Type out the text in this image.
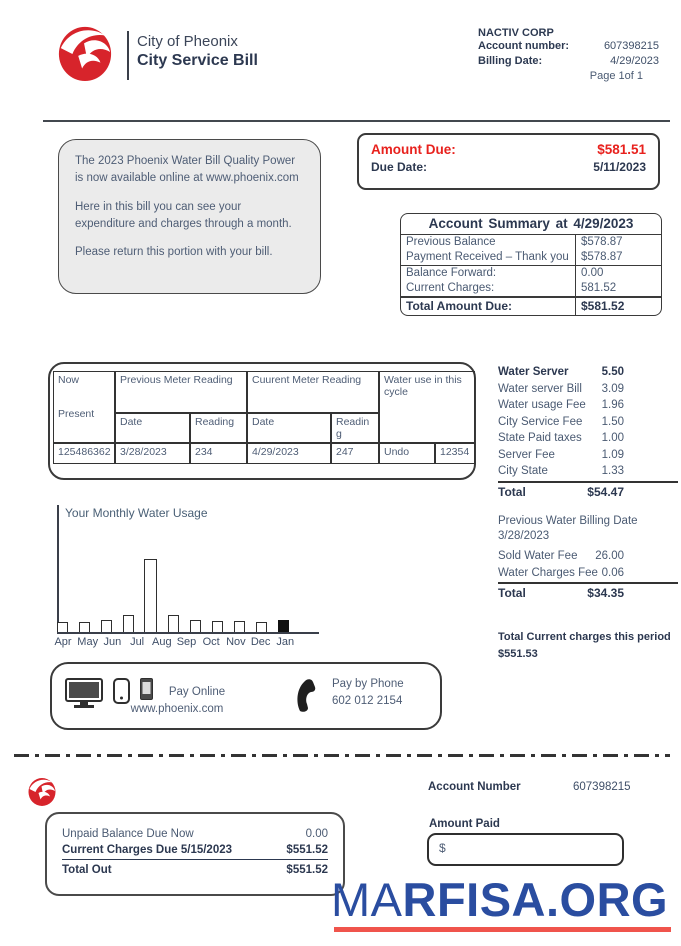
City of Pheonix
City Service Bill
NACTIV CORP
Account number:	607398215
Billing Date:	4/29/2023
Page 1of 1

The 2023 Phoenix Water Bill Quality Power is now available online at www.phoenix.com

Here in this bill you can see your expenditure and charges through a month.

Please return this portion with your bill.

Amount Due:	$581.51
Due Date:	5/11/2023
Account Summary at 4/29/2023
Previous Balance	$578.87
Payment Received – Thank you	$578.87
Balance Forward:	0.00
Current Charges:	581.52
Total Amount Due:	$581.52
Now
Present
Previous Meter Reading	Cuurent Meter Reading	Water use in this cycle
Date	Reading	Date	Readin g
125486362 3/28/2023	234	4/29/2023	247	Undo	12354
Water Server	5.50
Water server Bill 3.09
Water usage Fee 1.96
City Service Fee 1.50
State Paid taxes 1.00
Server Fee	1.09
City State	1.33
Total	$54.47
Previous Water Billing Date
3/28/2023
Sold Water Fee 26.00
Water Charges Fee 0.06
Total	$34.35
Total Current charges this period
$551.53
Your Monthly Water Usage
Apr May Jun Jul Aug Sep Oct Nov Dec Jan
Pay Online
www.phoenix.com
Pay by Phone
602 012 2154
Account Number	607398215
Unpaid Balance Due Now	0.00
Current Charges Due 5/15/2023	$551.52
Total Out	$551.52
Amount Paid
$
MARFISA.ORG
